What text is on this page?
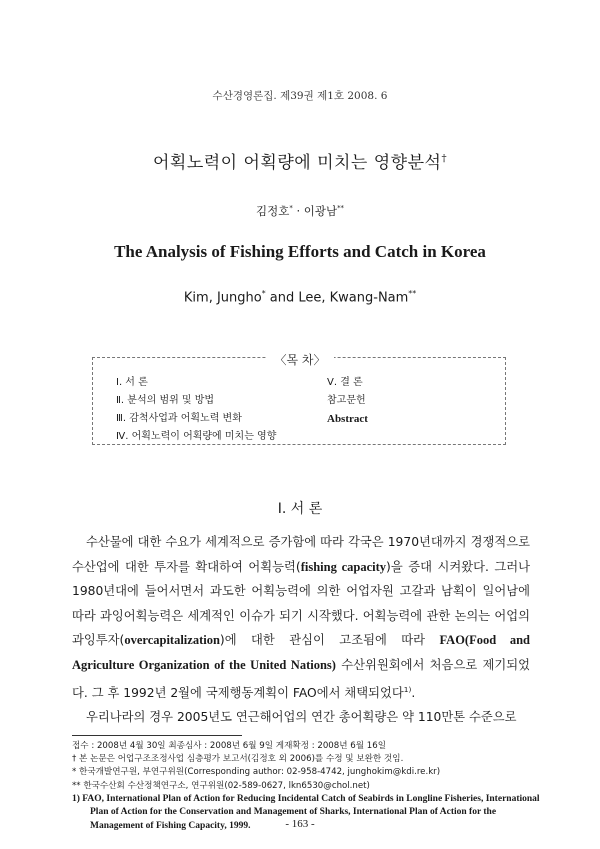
수산경영론집. 제39권 제1호 2008. 6
어획노력이 어획량에 미치는 영향분석†
김정호* · 이광남**
The Analysis of Fishing Efforts and Catch in Korea
Kim, Jungho* and Lee, Kwang-Nam**
〈목 차〉
Ⅰ. 서 론
Ⅱ. 분석의 범위 및 방법
Ⅲ. 감척사업과 어획노력 변화
Ⅳ. 어획노력이 어획량에 미치는 영향
Ⅴ. 결 론
참고문헌
Abstract
Ⅰ. 서 론

수산물에 대한 수요가 세계적으로 증가함에 따라 각국은 1970년대까지 경쟁적으로 수산업에 대한 투자를 확대하여 어획능력(fishing capacity)을 증대 시켜왔다. 그러나 1980년대에 들어서면서 과도한 어획능력에 의한 어업자원 고갈과 남획이 일어남에 따라 과잉어획능력은 세계적인 이슈가 되기 시작했다. 어획능력에 관한 논의는 어업의 과잉투자(overcapitalization)에 대한 관심이 고조됨에 따라 FAO(Food and Agriculture Organization of the United Nations) 수산위원회에서 처음으로 제기되었다. 그 후 1992년 2월에 국제행동계획이 FAO에서 채택되었다$^{1)}$.

우리나라의 경우 2005년도 연근해어업의 연간 총어획량은 약 110만톤 수준으로

접수 : 2008년 4월 30일 최종심사 : 2008년 6월 9일 게재확정 : 2008년 6월 16일
† 본 논문은 어업구조조정사업 심층평가 보고서(김정호 외 2006)를 수정 및 보완한 것임.
* 한국개발연구원, 부연구위원(Corresponding author: 02-958-4742, junghokim@kdi.re.kr)
** 한국수산회 수산정책연구소, 연구위원(02-589-0627, lkn6530@chol.net)
1) FAO, International Plan of Action for Reducing Incidental Catch of Seabirds in Longline Fisheries, International Plan of Action for the Conservation and Management of Sharks, International Plan of Action for the Management of Fishing Capacity, 1999.	- 163 -
